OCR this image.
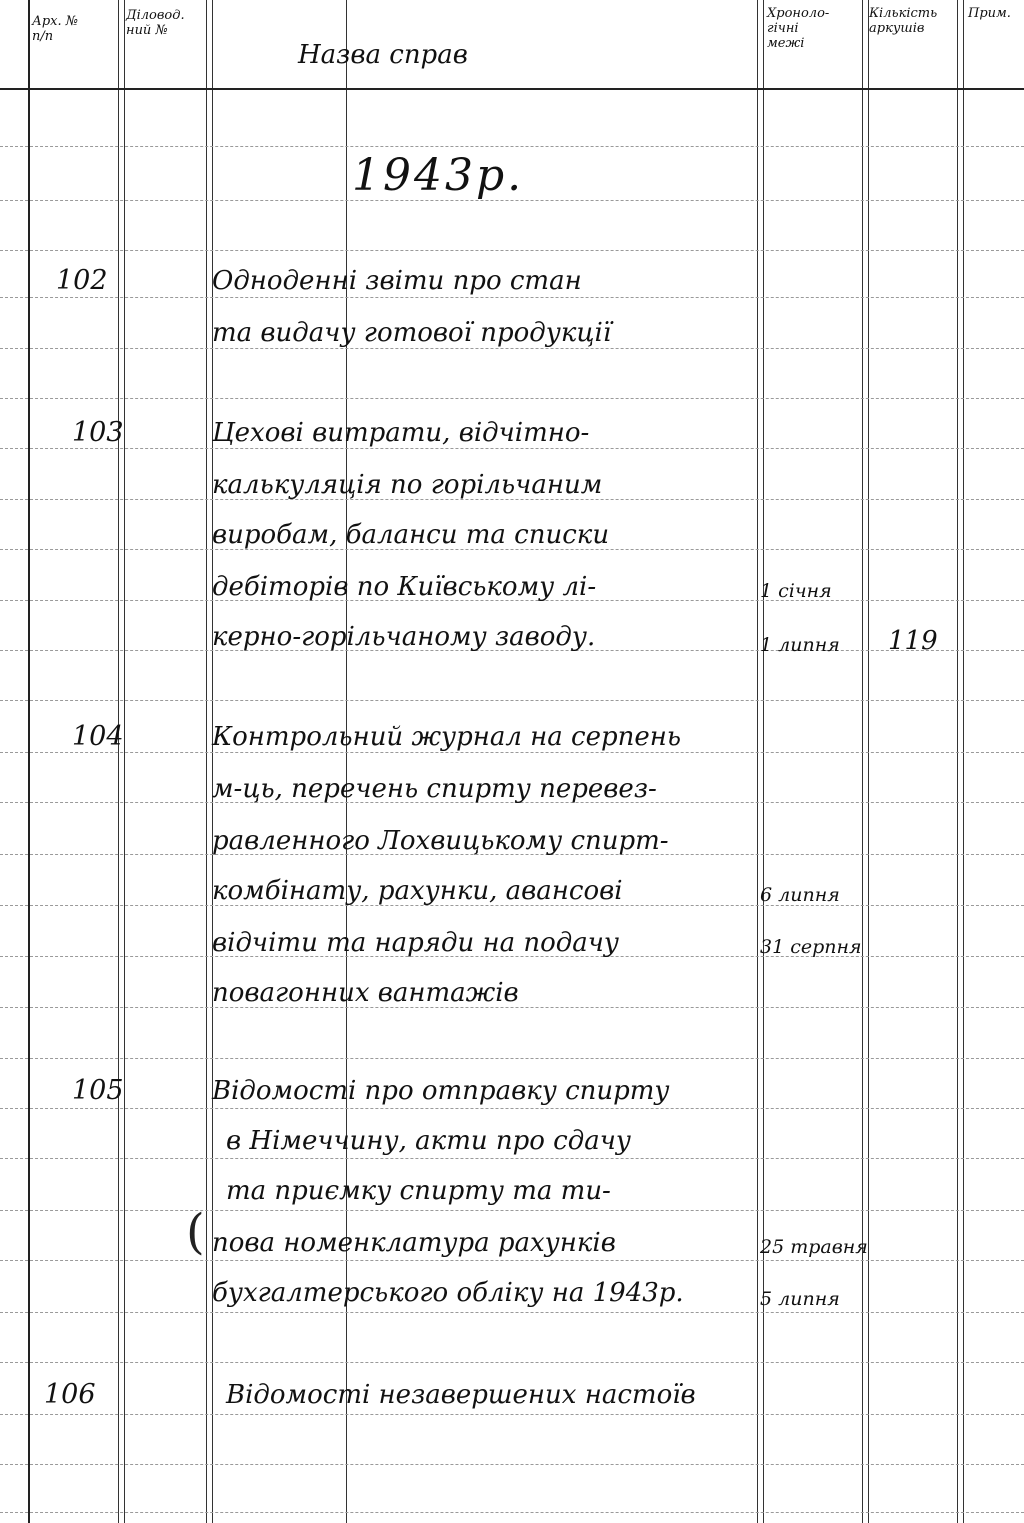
Арх. №
п/п
Діловод.
ний №
Назва справ
Хроноло-
гічні
межі
Кількість
аркушів
Прим.
1943р.
102	Одноденні звіти про стан
та видачу готової продукції
103	Цехові витрати, відчітно-
калькуляція по горільчаним
виробам, баланси та списки
дебіторів по Київському лі-
керно-горільчаному заводу.
1 січня
1 липня 119
104	Контрольний журнал на серпень
м-ць, перечень спирту перевез-
равленного Лохвицькому спирт-
комбінату, рахунки, авансові
відчіти та наряди на подачу
повагонних вантажів
6 липня
31 серпня
105	Відомості про отправку спирту
в Німеччину, акти про сдачу
та приємку спирту та ти-
пова номенклатура рахунків
бухгалтерського обліку на 1943р.
(	25 травня
5 липня
106	Відомості незавершених настоїв
